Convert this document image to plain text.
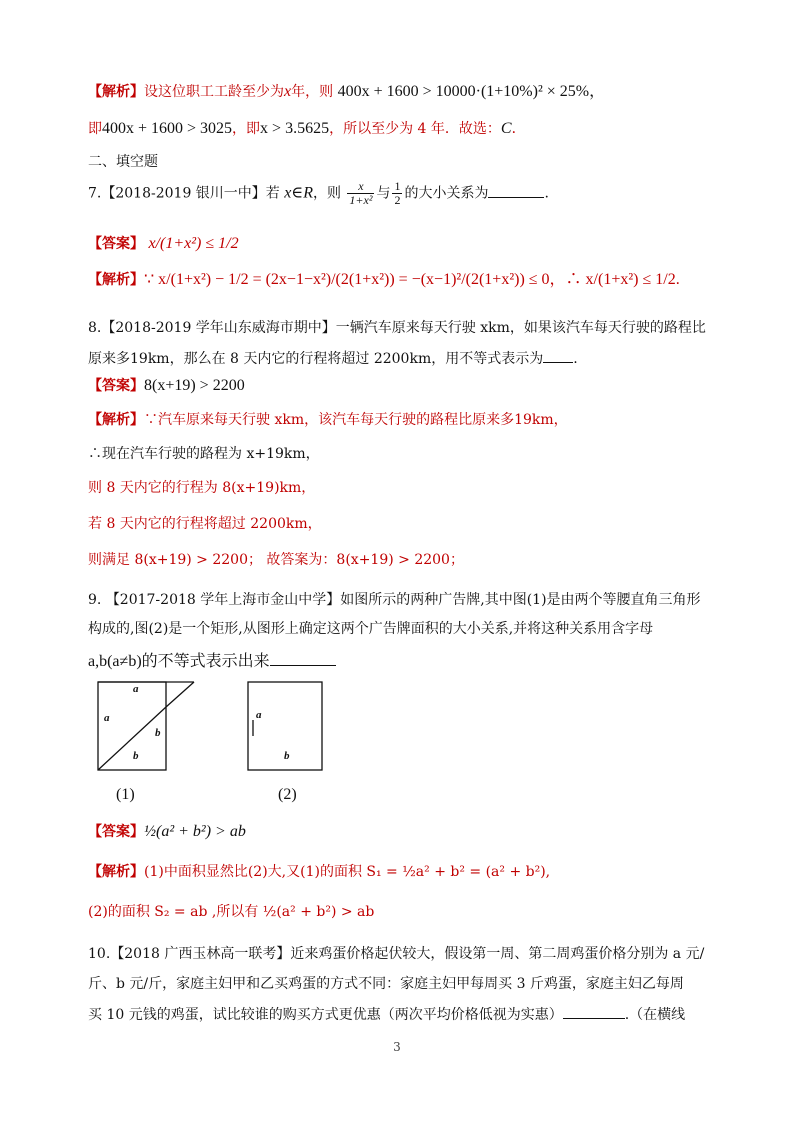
【解析】设这位职工工龄至少为x年，则 400x + 1600 > 10000·(1+10%)² × 25%，
即400x + 1600 > 3025，即x > 3.5625，所以至少为 4 年．故选：C．
二、填空题
7.【2018-2019 银川一中】若 x∈R，则 $\frac{x}{\text{1+x²}}$ 与 $\frac{1}{2}$ 的大小关系为	.
【答案】 x/(1+x²) ≤ 1/2
【解析】∵ x/(1+x²) − 1/2 = (2x−1−x²)/(2(1+x²)) = −(x−1)²/(2(1+x²)) ≤ 0，∴ x/(1+x²) ≤ 1/2.
8.【2018-2019 学年山东威海市期中】一辆汽车原来每天行驶 xkm，如果该汽车每天行驶的路程比
原来多19km，那么在 8 天内它的行程将超过 2200km，用不等式表示为 .
【答案】8(x+19) > 2200
【解析】∵汽车原来每天行驶 xkm，该汽车每天行驶的路程比原来多19km，
∴现在汽车行驶的路程为 x+19km，
则 8 天内它的行程为 8(x+19)km，
若 8 天内它的行程将超过 2200km，
则满足 8(x+19) > 2200； 故答案为：8(x+19) > 2200；
9. 【2017-2018 学年上海市金山中学】如图所示的两种广告牌,其中图(1)是由两个等腰直角三角形
构成的,图(2)是一个矩形,从图形上确定这两个广告牌面积的大小关系,并将这种关系用含字母
a,b(a≠b)的不等式表示出来
a
a
b
b
a
b
(1)	(2)
【答案】½(a² + b²) > ab
【解析】(1)中面积显然比(2)大,又(1)的面积 S₁ = ½a² + b² = (a² + b²),
(2)的面积 S₂ = ab ,所以有 ½(a² + b²) > ab
10.【2018 广西玉林高一联考】近来鸡蛋价格起伏较大，假设第一周、第二周鸡蛋价格分别为 a 元/
斤、b 元/斤，家庭主妇甲和乙买鸡蛋的方式不同：家庭主妇甲每周买 3 斤鸡蛋，家庭主妇乙每周
买 10 元钱的鸡蛋，试比较谁的购买方式更优惠（两次平均价格低视为实惠）	.（在横线
3
